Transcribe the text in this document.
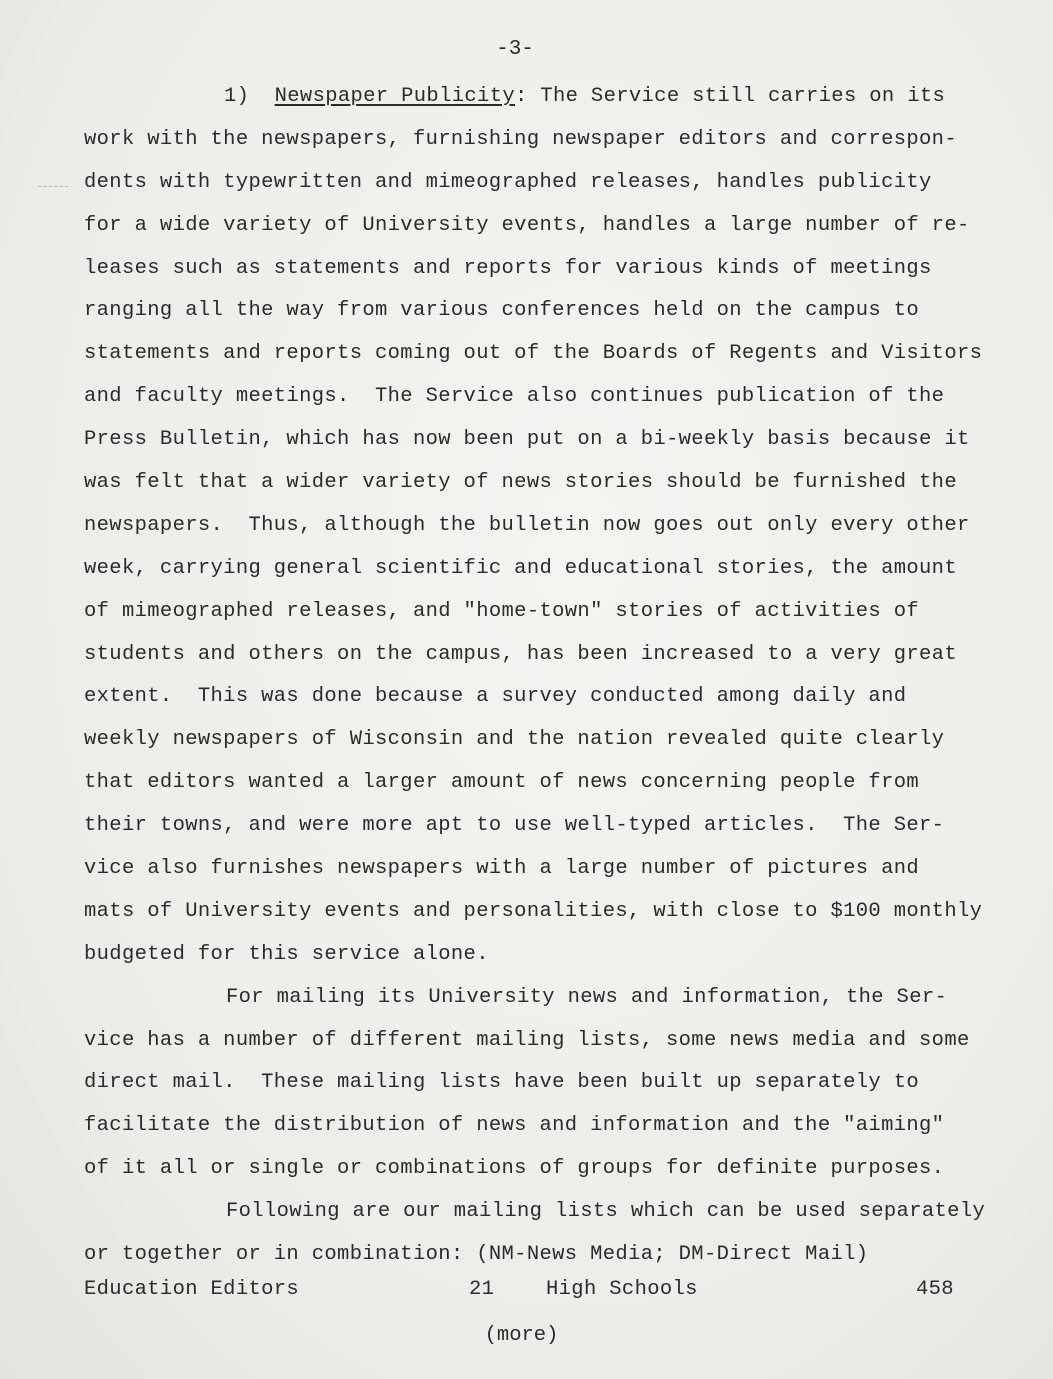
-3-
1)  Newspaper Publicity: The Service still carries on its
work with the newspapers, furnishing newspaper editors and correspon-
dents with typewritten and mimeographed releases, handles publicity
for a wide variety of University events, handles a large number of re-
leases such as statements and reports for various kinds of meetings
ranging all the way from various conferences held on the campus to
statements and reports coming out of the Boards of Regents and Visitors
and faculty meetings.  The Service also continues publication of the
Press Bulletin, which has now been put on a bi-weekly basis because it
was felt that a wider variety of news stories should be furnished the
newspapers.  Thus, although the bulletin now goes out only every other
week, carrying general scientific and educational stories, the amount
of mimeographed releases, and "home-town" stories of activities of
students and others on the campus, has been increased to a very great
extent.  This was done because a survey conducted among daily and
weekly newspapers of Wisconsin and the nation revealed quite clearly
that editors wanted a larger amount of news concerning people from
their towns, and were more apt to use well-typed articles.  The Ser-
vice also furnishes newspapers with a large number of pictures and
mats of University events and personalities, with close to $100 monthly
budgeted for this service alone.
For mailing its University news and information, the Ser-
vice has a number of different mailing lists, some news media and some
direct mail.  These mailing lists have been built up separately to
facilitate the distribution of news and information and the "aiming"
of it all or single or combinations of groups for definite purposes.
Following are our mailing lists which can be used separately
or together or in combination: (NM-News Media; DM-Direct Mail)
Education Editors	21	High Schools	458
(more)
